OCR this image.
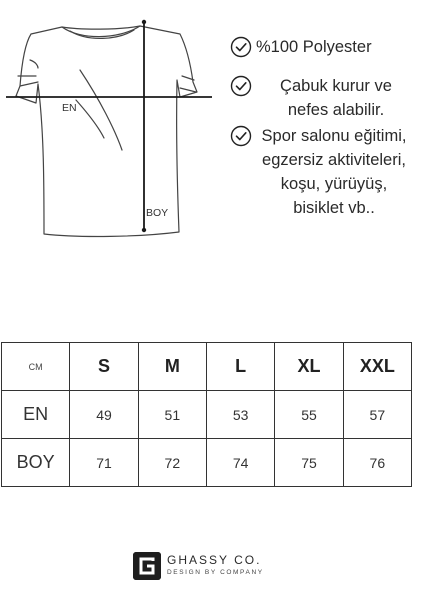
EN
BOY
%100 Polyester
Çabuk kurur ve
nefes alabilir.
Spor salonu eğitimi,
egzersiz aktiviteleri,
koşu, yürüyüş,
bisiklet vb..
CM	S	M	L	XL	XXL
EN	49	51	53	55	57
BOY	71	72	74	75	76
GHASSY CO.
DESIGN BY COMPANY
